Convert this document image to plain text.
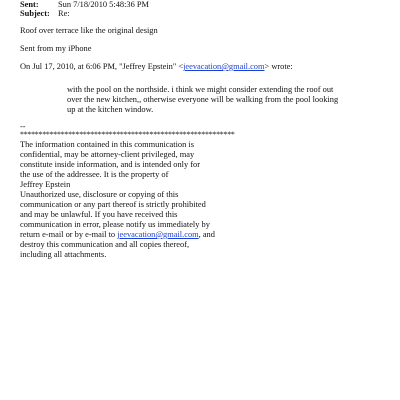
Sent: Sun 7/18/2010 5:48:36 PM
Subject: Re:
Roof over terrace like the original design
Sent from my iPhone
On Jul 17, 2010, at 6:06 PM, "Jeffrey Epstein" <jeevacation@gmail.com> wrote:
with the pool on the northside. i think we might consider extending the roof out
over the new kitchen,, otherwise everyone will be walking from the pool looking
up at the kitchen window.
--
**********************************************************
The information contained in this communication is
confidential, may be attorney-client privileged, may
constitute inside information, and is intended only for
the use of the addressee. It is the property of
Jeffrey Epstein
Unauthorized use, disclosure or copying of this
communication or any part thereof is strictly prohibited
and may be unlawful. If you have received this
communication in error, please notify us immediately by
return e-mail or by e-mail to jeevacation@gmail.com, and
destroy this communication and all copies thereof,
including all attachments.
